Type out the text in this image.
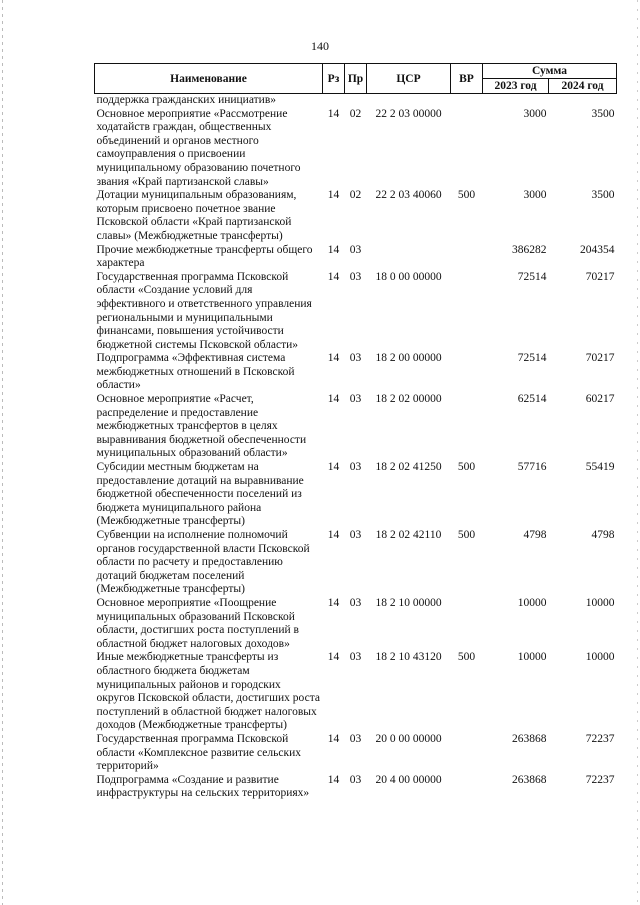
140
Наименование	Рз	Пр	ЦСР	ВР	Сумма	
					2023 год	2024 год
поддержка гражданских инициатив»						
Основное мероприятие «Рассмотрение ходатайств граждан, общественных объединений и органов местного самоуправления о присвоении муниципальному образованию почетного звания «Край партизанской славы»	14	02	22 2 03 00000		3000	3500
Дотации муниципальным образованиям, которым присвоено почетное звание Псковской области «Край партизанской славы» (Межбюджетные трансферты)	14	02	22 2 03 40060	500	3000	3500
Прочие межбюджетные трансферты общего характера	14	03			386282	204354
Государственная программа Псковской области «Создание условий для эффективного и ответственного управления региональными и муниципальными финансами, повышения устойчивости бюджетной системы Псковской области»	14	03	18 0 00 00000		72514	70217
Подпрограмма «Эффективная система межбюджетных отношений в Псковской области»	14	03	18 2 00 00000		72514	70217
Основное мероприятие «Расчет, распределение и предоставление межбюджетных трансфертов в целях выравнивания бюджетной обеспеченности муниципальных образований области»	14	03	18 2 02 00000		62514	60217
Субсидии местным бюджетам на предоставление дотаций на выравнивание бюджетной обеспеченности поселений из бюджета муниципального района (Межбюджетные трансферты)	14	03	18 2 02 41250	500	57716	55419
Субвенции на исполнение полномочий органов государственной власти Псковской области по расчету и предоставлению дотаций бюджетам поселений (Межбюджетные трансферты)	14	03	18 2 02 42110	500	4798	4798
Основное мероприятие «Поощрение муниципальных образований Псковской области, достигших роста поступлений в областной бюджет налоговых доходов»	14	03	18 2 10 00000		10000	10000
Иные межбюджетные трансферты из областного бюджета бюджетам муниципальных районов и городских округов Псковской области, достигших роста поступлений в областной бюджет налоговых доходов (Межбюджетные трансферты)	14	03	18 2 10 43120	500	10000	10000
Государственная программа Псковской области «Комплексное развитие сельских территорий»	14	03	20 0 00 00000		263868	72237
Подпрограмма «Создание и развитие инфраструктуры на сельских территориях»	14	03	20 4 00 00000		263868	72237
